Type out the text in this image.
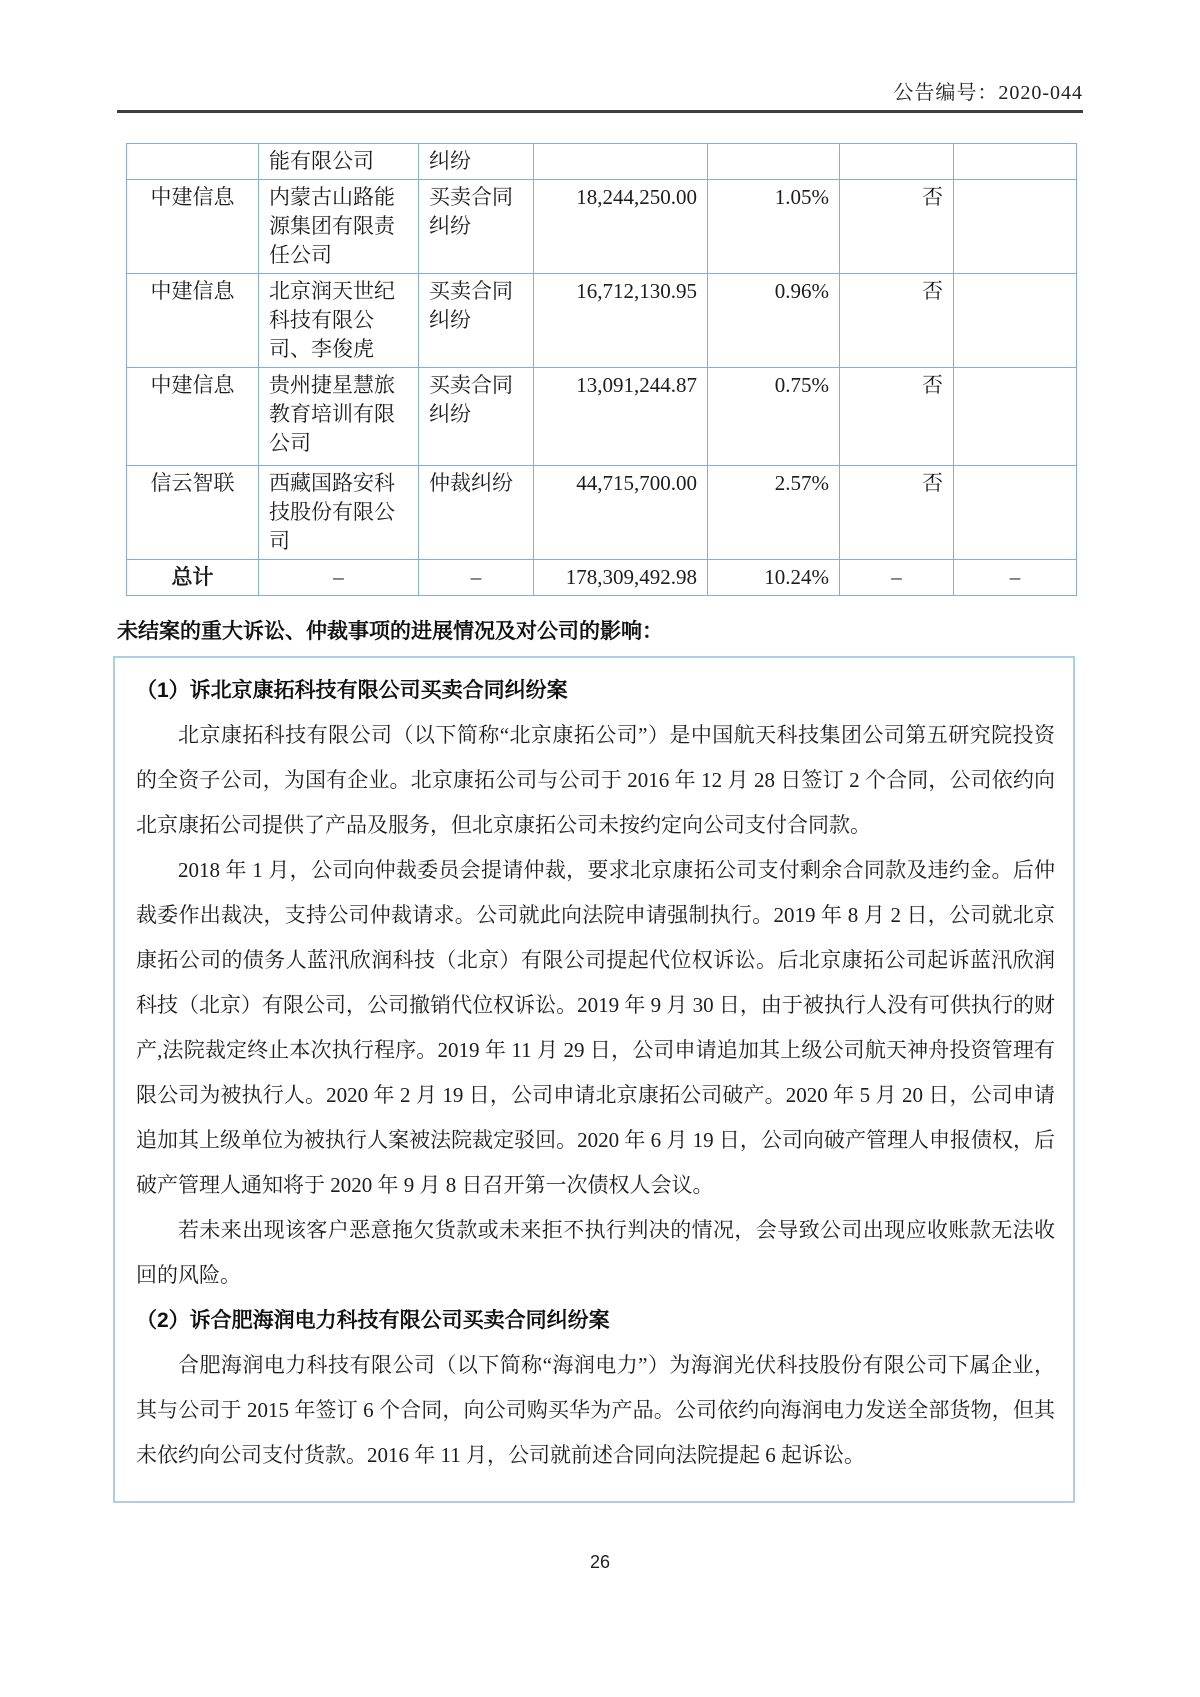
公告编号：2020-044
	能有限公司	纠纷				
中建信息	内蒙古山路能源集团有限责任公司	买卖合同纠纷	18,244,250.00	1.05%	否	
中建信息	北京润天世纪科技有限公司、李俊虎	买卖合同纠纷	16,712,130.95	0.96%	否	
中建信息	贵州捷星慧旅教育培训有限公司	买卖合同纠纷	13,091,244.87	0.75%	否	
信云智联	西藏国路安科技股份有限公司	仲裁纠纷	44,715,700.00	2.57%	否	
总计	–	–	178,309,492.98	10.24%	–	–
未结案的重大诉讼、仲裁事项的进展情况及对公司的影响：

（1）诉北京康拓科技有限公司买卖合同纠纷案

北京康拓科技有限公司（以下简称“北京康拓公司”）是中国航天科技集团公司第五研究院投资的全资子公司，为国有企业。北京康拓公司与公司于 2016 年 12 月 28 日签订 2 个合同，公司依约向北京康拓公司提供了产品及服务，但北京康拓公司未按约定向公司支付合同款。

2018 年 1 月，公司向仲裁委员会提请仲裁，要求北京康拓公司支付剩余合同款及违约金。后仲裁委作出裁决，支持公司仲裁请求。公司就此向法院申请强制执行。2019 年 8 月 2 日，公司就北京康拓公司的债务人蓝汛欣润科技（北京）有限公司提起代位权诉讼。后北京康拓公司起诉蓝汛欣润科技（北京）有限公司，公司撤销代位权诉讼。2019 年 9 月 30 日，由于被执行人没有可供执行的财产,法院裁定终止本次执行程序。2019 年 11 月 29 日，公司申请追加其上级公司航天神舟投资管理有限公司为被执行人。2020 年 2 月 19 日，公司申请北京康拓公司破产。2020 年 5 月 20 日，公司申请追加其上级单位为被执行人案被法院裁定驳回。2020 年 6 月 19 日，公司向破产管理人申报债权，后破产管理人通知将于 2020 年 9 月 8 日召开第一次债权人会议。

若未来出现该客户恶意拖欠货款或未来拒不执行判决的情况，会导致公司出现应收账款无法收回的风险。

（2）诉合肥海润电力科技有限公司买卖合同纠纷案

合肥海润电力科技有限公司（以下简称“海润电力”）为海润光伏科技股份有限公司下属企业，其与公司于 2015 年签订 6 个合同，向公司购买华为产品。公司依约向海润电力发送全部货物，但其未依约向公司支付货款。2016 年 11 月，公司就前述合同向法院提起 6 起诉讼。

26
